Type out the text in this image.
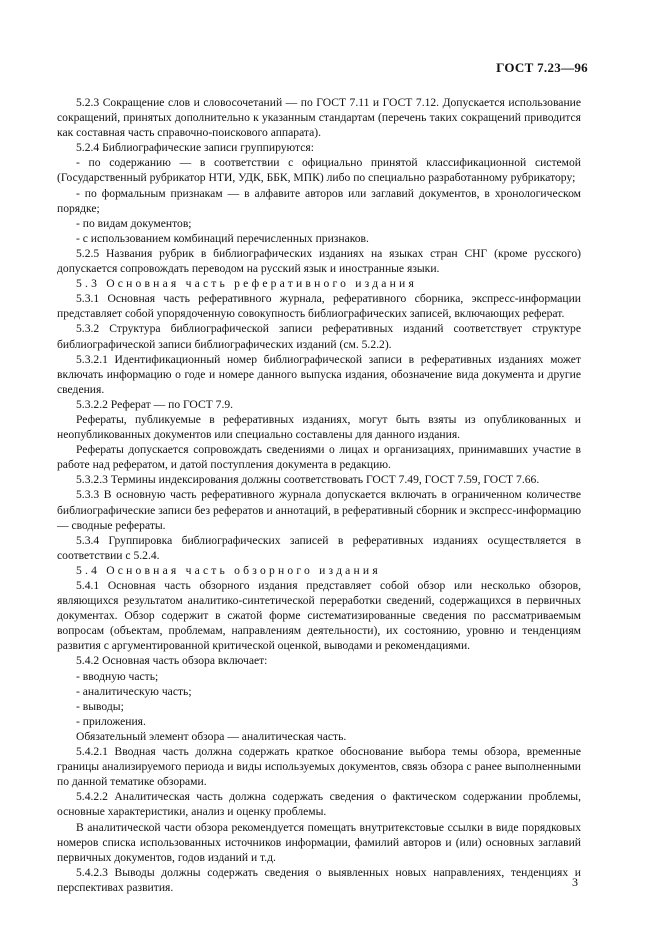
ГОСТ 7.23—96

5.2.3 Сокращение слов и словосочетаний — по ГОСТ 7.11 и ГОСТ 7.12. Допускается использование сокращений, принятых дополнительно к указанным стандартам (перечень таких сокращений приводится как составная часть справочно-поискового аппарата).

5.2.4 Библиографические записи группируются:

- по содержанию — в соответствии с официально принятой классификационной системой (Государственный рубрикатор НТИ, УДК, ББК, МПК) либо по специально разработанному рубрикатору;

- по формальным признакам — в алфавите авторов или заглавий документов, в хронологическом порядке;

- по видам документов;

- с использованием комбинаций перечисленных признаков.

5.2.5 Названия рубрик в библиографических изданиях на языках стран СНГ (кроме русского) допускается сопровождать переводом на русский язык и иностранные языки.

5.3 Основная часть реферативного издания

5.3.1 Основная часть реферативного журнала, реферативного сборника, экспресс-информации представляет собой упорядоченную совокупность библиографических записей, включающих реферат.

5.3.2 Структура библиографической записи реферативных изданий соответствует структуре библиографической записи библиографических изданий (см. 5.2.2).

5.3.2.1 Идентификационный номер библиографической записи в реферативных изданиях может включать информацию о годе и номере данного выпуска издания, обозначение вида документа и другие сведения.

5.3.2.2 Реферат — по ГОСТ 7.9.

Рефераты, публикуемые в реферативных изданиях, могут быть взяты из опубликованных и неопубликованных документов или специально составлены для данного издания.

Рефераты допускается сопровождать сведениями о лицах и организациях, принимавших участие в работе над рефератом, и датой поступления документа в редакцию.

5.3.2.3 Термины индексирования должны соответствовать ГОСТ 7.49, ГОСТ 7.59, ГОСТ 7.66.

5.3.3 В основную часть реферативного журнала допускается включать в ограниченном количестве библиографические записи без рефератов и аннотаций, в реферативный сборник и экспресс-информацию — сводные рефераты.

5.3.4 Группировка библиографическиx записей в реферативных изданиях осуществляется в соответствии с 5.2.4.

5.4 Основная часть обзорного издания

5.4.1 Основная часть обзорного издания представляет собой обзор или несколько обзоров, являющихся результатом аналитико-синтетической переработки сведений, содержащихся в первичных документах. Обзор содержит в сжатой форме систематизированные сведения по рассматриваемым вопросам (объектам, проблемам, направлениям деятельности), их состоянию, уровню и тенденциям развития с аргументированной критической оценкой, выводами и рекомендациями.

5.4.2 Основная часть обзора включает:

- вводную часть;

- аналитическую часть;

- выводы;

- приложения.

Обязательный элемент обзора — аналитическая часть.

5.4.2.1 Вводная часть должна содержать краткое обоснование выбора темы обзора, временные границы анализируемого периода и виды используемых документов, связь обзора с ранее выполненными по данной тематике обзорами.

5.4.2.2 Аналитическая часть должна содержать сведения о фактическом содержании проблемы, основные характеристики, анализ и оценку проблемы.

В аналитической части обзора рекомендуется помещать внутритекстовые ссылки в виде порядковых номеров списка использованных источников информации, фамилий авторов и (или) основных заглавий первичных документов, годов изданий и т.д.

5.4.2.3 Выводы должны содержать сведения о выявленных новых направлениях, тенденциях и перспективах развития.	3
